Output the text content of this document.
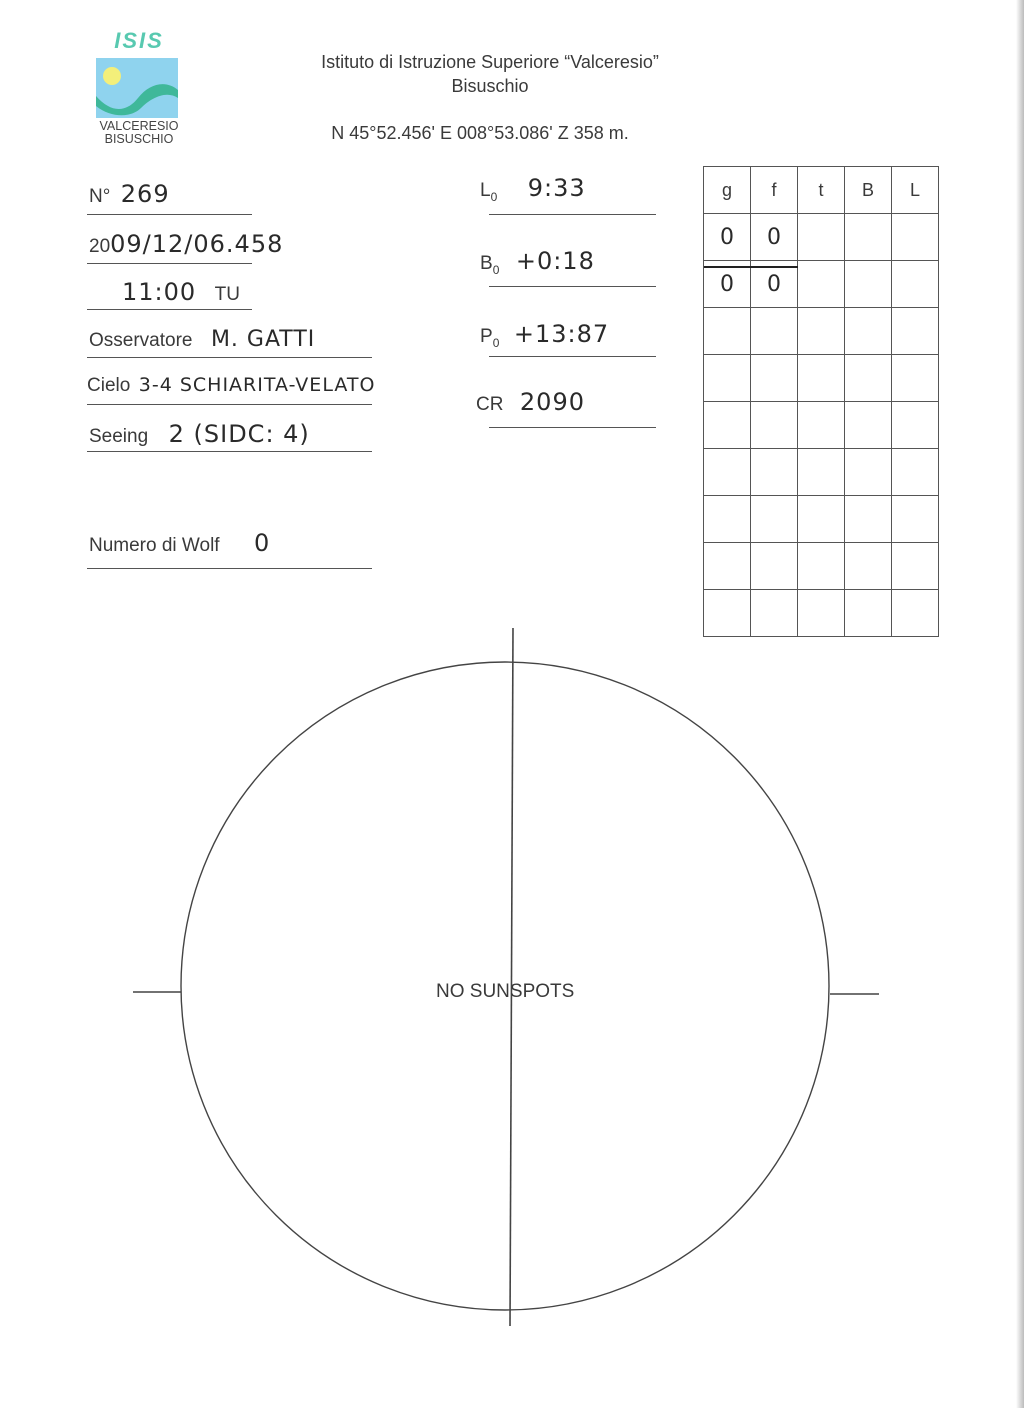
ISIS
VALCERESIO
BISUSCHIO
Istituto di Istruzione Superiore “Valceresio”
Bisuschio
N 45°52.456' E 008°53.086' Z 358 m.
N° 269
2009/12/06.458
11:00 TU
Osservatore M. GATTI
Cielo 3-4 SCHIARITA-VELATO
Seeing 2 (SIDC: 4)
Numero di Wolf 0
$L_0$ 9:33
$B_0$ +0:18
$P_0$ +13:87
CR 2090
g	f	t	B	L
0	0			
0	0			

NO SUNSPOTS
